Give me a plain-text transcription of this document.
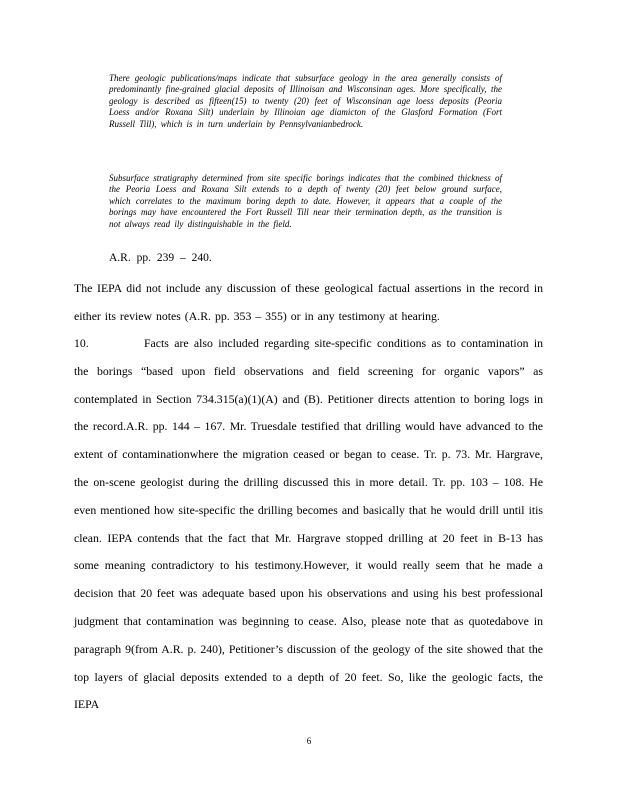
There geologic publications/maps indicate that subsurface geology in the area generally consists of predominantly fine-grained glacial deposits of Illinoisan and Wisconsinan ages. More specifically, the geology is described as fifteen(15) to twenty (20) feet of Wisconsinan age loess deposits (Peoria Loess and/or Roxana Silt) underlain by Illinoian age diamicton of the Glasford Formation (Fort Russell Till), which is in turn underlain by Pennsylvanianbedrock.
Subsurface stratigraphy determined from site specific borings indicates that the combined thickness of the Peoria Loess and Roxana Silt extends to a depth of twenty (20) feet below ground surface, which correlates to the maximum boring depth to date. However, it appears that a couple of the borings may have encountered the Fort Russell Till near their termination depth, as the transition is not always read ily distinguishable in the field.
A.R. pp. 239 – 240.
The IEPA did not include any discussion of these geological factual assertions in the record in either its review notes (A.R. pp. 353 – 355) or in any testimony at hearing.
10.	Facts are also included regarding site-specific conditions as to contamination in the borings “based upon field observations and field screening for organic vapors” as contemplated in Section 734.315(a)(1)(A) and (B). Petitioner directs attention to boring logs in the record.A.R. pp. 144 – 167. Mr. Truesdale testified that drilling would have advanced to the extent of contaminationwhere the migration ceased or began to cease. Tr. p. 73. Mr. Hargrave, the on-scene geologist during the drilling discussed this in more detail. Tr. pp. 103 – 108. He even mentioned how site-specific the drilling becomes and basically that he would drill until itis clean. IEPA contends that the fact that Mr. Hargrave stopped drilling at 20 feet in B-13 has some meaning contradictory to his testimony.However, it would really seem that he made a decision that 20 feet was adequate based upon his observations and using his best professional judgment that contamination was beginning to cease. Also, please note that as quotedabove in paragraph 9(from A.R. p. 240), Petitioner’s discussion of the geology of the site showed that the top layers of glacial deposits extended to a depth of 20 feet. So, like the geologic facts, the IEPA
6
